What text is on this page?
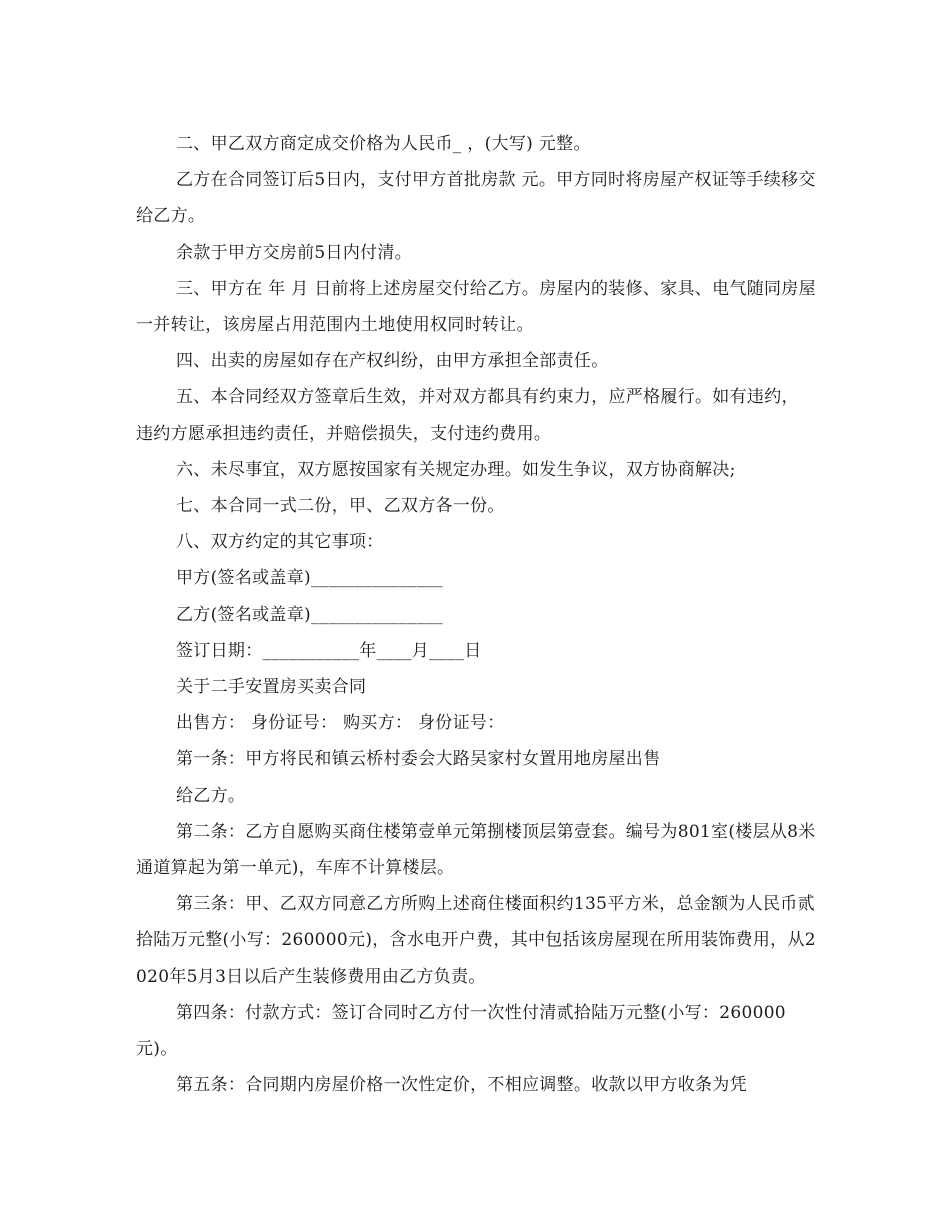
二、甲乙双方商定成交价格为人民币_ ，(大写) 元整。

乙方在合同签订后5日内，支付甲方首批房款 元。甲方同时将房屋产权证等手续移交给乙方。

余款于甲方交房前5日内付清。

三、甲方在 年 月 日前将上述房屋交付给乙方。房屋内的装修、家具、电气随同房屋一并转让，该房屋占用范围内土地使用权同时转让。

四、出卖的房屋如存在产权纠纷，由甲方承担全部责任。

五、本合同经双方签章后生效，并对双方都具有约束力，应严格履行。如有违约，违约方愿承担违约责任，并赔偿损失，支付违约费用。

六、未尽事宜，双方愿按国家有关规定办理。如发生争议，双方协商解决;

七、本合同一式二份，甲、乙双方各一份。

八、双方约定的其它事项：

甲方(签名或盖章)_______________

乙方(签名或盖章)_______________

签订日期：___________年____月____日

关于二手安置房买卖合同

出售方： 身份证号： 购买方： 身份证号：

第一条：甲方将民和镇云桥村委会大路吴家村女置用地房屋出售

给乙方。

第二条：乙方自愿购买商住楼第壹单元第捌楼顶层第壹套。编号为801室(楼层从8米通道算起为第一单元)，车库不计算楼层。

第三条：甲、乙双方同意乙方所购上述商住楼面积约135平方米，总金额为人民币贰拾陆万元整(小写：260000元)，含水电开户费，其中包括该房屋现在所用装饰费用，从2020年5月3日以后产生装修费用由乙方负责。

第四条：付款方式：签订合同时乙方付一次性付清贰拾陆万元整(小写：260000元)。

第五条：合同期内房屋价格一次性定价，不相应调整。收款以甲方收条为凭
